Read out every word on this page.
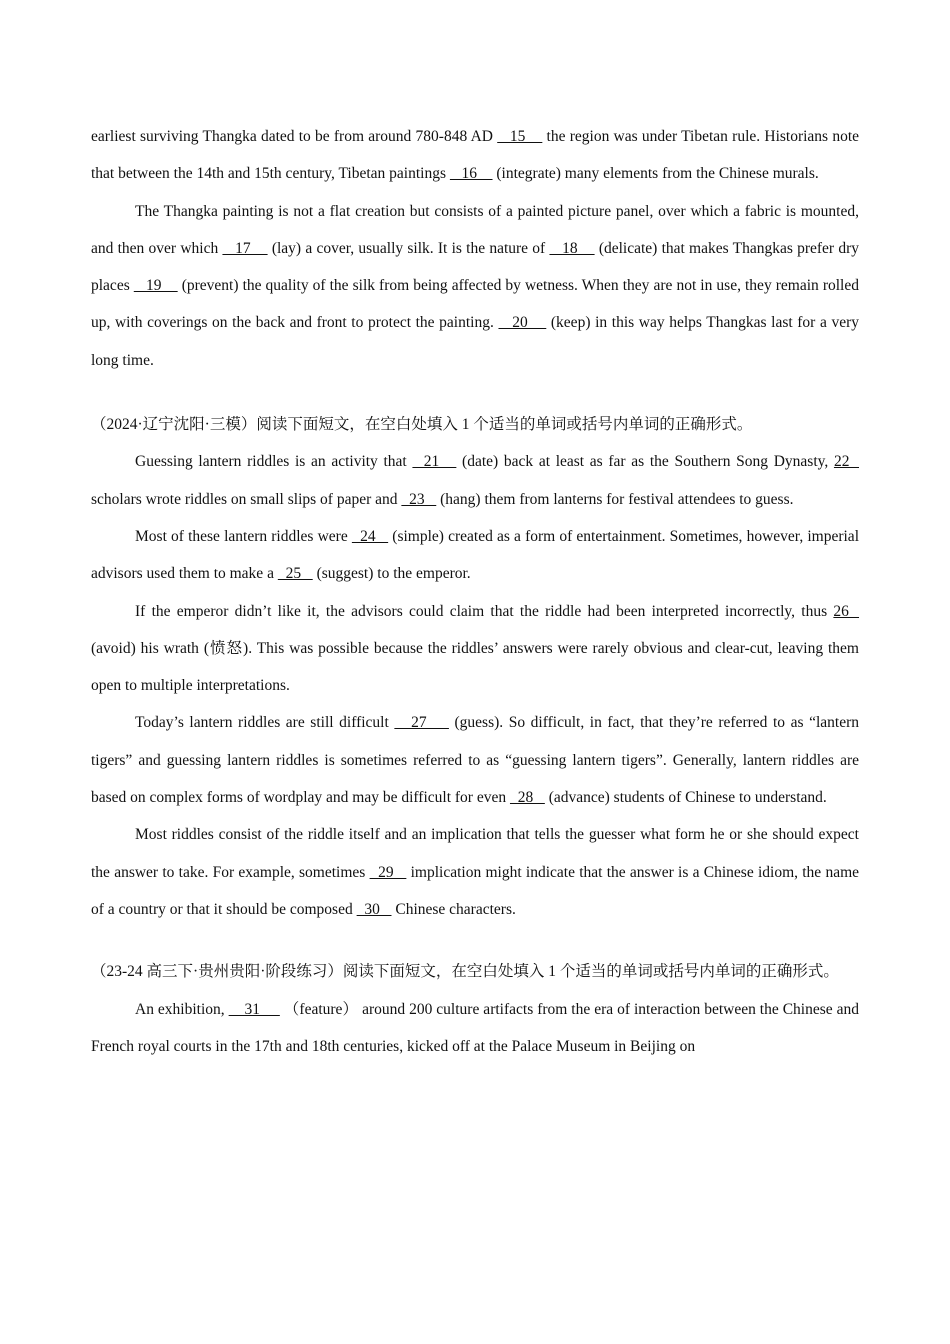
earliest surviving Thangka dated to be from around 780-848 AD    15     the region was under Tibetan rule. Historians note that between the 14th and 15th century, Tibetan paintings    16     (integrate) many elements from the Chinese murals.

The Thangka painting is not a flat creation but consists of a painted picture panel, over which a fabric is mounted, and then over which    17     (lay) a cover, usually silk. It is the nature of    18     (delicate) that makes Thangkas prefer dry places    19     (prevent) the quality of the silk from being affected by wetness. When they are not in use, they remain rolled up, with coverings on the back and front to protect the painting.    20     (keep) in this way helps Thangkas last for a very long time.

（2024·辽宁沈阳·三模）阅读下面短文，在空白处填入 1 个适当的单词或括号内单词的正确形式。

Guessing lantern riddles is an activity that   21    (date) back at least as far as the Southern Song Dynasty, 22   scholars wrote riddles on small slips of paper and   23    (hang) them from lanterns for festival attendees to guess.

Most of these lantern riddles were   24    (simple) created as a form of entertainment. Sometimes, however, imperial advisors used them to make a   25    (suggest) to the emperor.

If the emperor didn’t like it, the advisors could claim that the riddle had been interpreted incorrectly, thus 26   (avoid) his wrath (愤怒). This was possible because the riddles’ answers were rarely obvious and clear-cut, leaving them open to multiple interpretations.

Today’s lantern riddles are still difficult    27     (guess). So difficult, in fact, that they’re referred to as “lantern tigers” and guessing lantern riddles is sometimes referred to as “guessing lantern tigers”. Generally, lantern riddles are based on complex forms of wordplay and may be difficult for even   28    (advance) students of Chinese to understand.

Most riddles consist of the riddle itself and an implication that tells the guesser what form he or she should expect the answer to take. For example, sometimes   29    implication might indicate that the answer is a Chinese idiom, the name of a country or that it should be composed   30    Chinese characters.

（23-24 高三下·贵州贵阳·阶段练习）阅读下面短文，在空白处填入 1 个适当的单词或括号内单词的正确形式。

An exhibition,     31      （feature） around 200 culture artifacts from the era of interaction between the Chinese and French royal courts in the 17th and 18th centuries, kicked off at the Palace Museum in Beijing on
